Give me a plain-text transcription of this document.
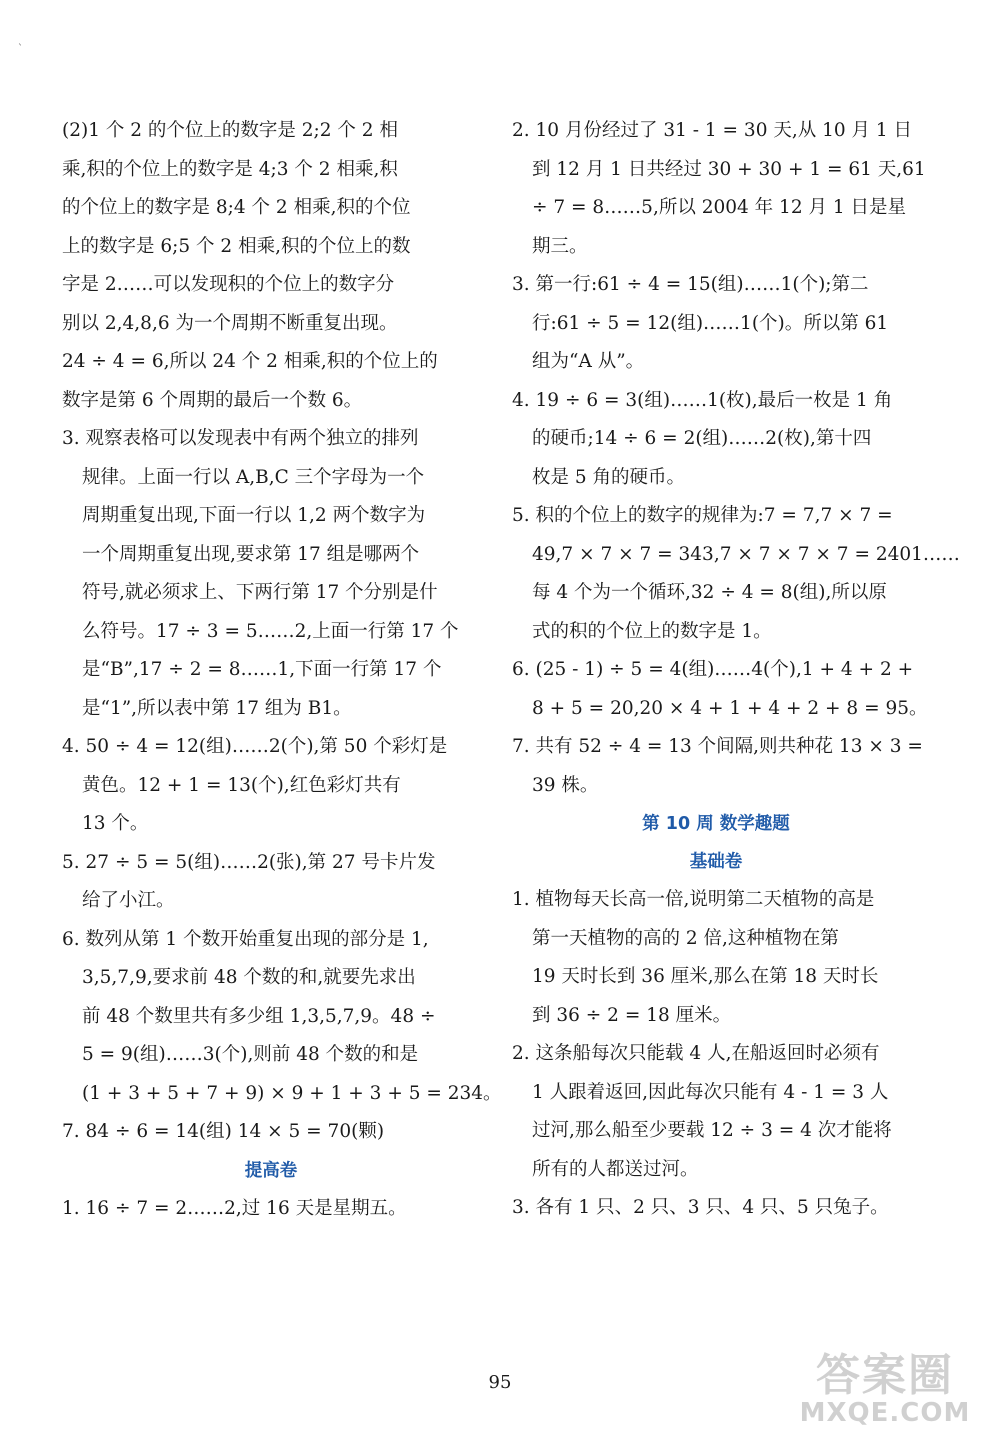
`
(2)1 个 2 的个位上的数字是 2;2 个 2 相
乘,积的个位上的数字是 4;3 个 2 相乘,积
的个位上的数字是 8;4 个 2 相乘,积的个位
上的数字是 6;5 个 2 相乘,积的个位上的数
字是 2……可以发现积的个位上的数字分
别以 2,4,8,6 为一个周期不断重复出现。
24 ÷ 4 = 6,所以 24 个 2 相乘,积的个位上的
数字是第 6 个周期的最后一个数 6。
3. 观察表格可以发现表中有两个独立的排列
规律。上面一行以 A,B,C 三个字母为一个
周期重复出现,下面一行以 1,2 两个数字为
一个周期重复出现,要求第 17 组是哪两个
符号,就必须求上、下两行第 17 个分别是什
么符号。17 ÷ 3 = 5……2,上面一行第 17 个
是“B”,17 ÷ 2 = 8……1,下面一行第 17 个
是“1”,所以表中第 17 组为 B1。
4. 50 ÷ 4 = 12(组)……2(个),第 50 个彩灯是
黄色。12 + 1 = 13(个),红色彩灯共有
13 个。
5. 27 ÷ 5 = 5(组)……2(张),第 27 号卡片发
给了小江。
6. 数列从第 1 个数开始重复出现的部分是 1,
3,5,7,9,要求前 48 个数的和,就要先求出
前 48 个数里共有多少组 1,3,5,7,9。48 ÷
5 = 9(组)……3(个),则前 48 个数的和是
(1 + 3 + 5 + 7 + 9) × 9 + 1 + 3 + 5 = 234。
7. 84 ÷ 6 = 14(组) 14 × 5 = 70(颗)
提高卷
1. 16 ÷ 7 = 2……2,过 16 天是星期五。
2. 10 月份经过了 31 - 1 = 30 天,从 10 月 1 日
到 12 月 1 日共经过 30 + 30 + 1 = 61 天,61
÷ 7 = 8……5,所以 2004 年 12 月 1 日是星
期三。
3. 第一行:61 ÷ 4 = 15(组)……1(个);第二
行:61 ÷ 5 = 12(组)……1(个)。所以第 61
组为“A 从”。
4. 19 ÷ 6 = 3(组)……1(枚),最后一枚是 1 角
的硬币;14 ÷ 6 = 2(组)……2(枚),第十四
枚是 5 角的硬币。
5. 积的个位上的数字的规律为:7 = 7,7 × 7 =
49,7 × 7 × 7 = 343,7 × 7 × 7 × 7 = 2401……
每 4 个为一个循环,32 ÷ 4 = 8(组),所以原
式的积的个位上的数字是 1。
6. (25 - 1) ÷ 5 = 4(组)……4(个),1 + 4 + 2 +
8 + 5 = 20,20 × 4 + 1 + 4 + 2 + 8 = 95。
7. 共有 52 ÷ 4 = 13 个间隔,则共种花 13 × 3 =
39 株。
第 10 周 数学趣题
基础卷
1. 植物每天长高一倍,说明第二天植物的高是
第一天植物的高的 2 倍,这种植物在第
19 天时长到 36 厘米,那么在第 18 天时长
到 36 ÷ 2 = 18 厘米。
2. 这条船每次只能载 4 人,在船返回时必须有
1 人跟着返回,因此每次只能有 4 - 1 = 3 人
过河,那么船至少要载 12 ÷ 3 = 4 次才能将
所有的人都送过河。
3. 各有 1 只、2 只、3 只、4 只、5 只兔子。
95	答案圈
MXQE.COM
